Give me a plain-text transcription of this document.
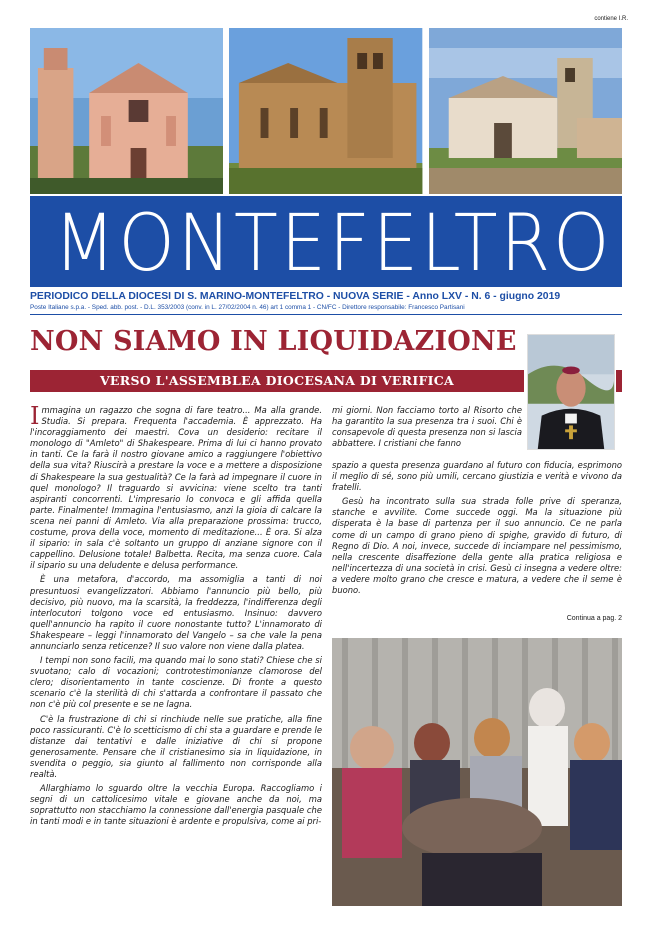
contiene I.R.
MONTEFELTRO
PERIODICO DELLA DIOCESI DI S. MARINO-MONTEFELTRO - NUOVA SERIE - Anno LXV - N. 6 - giugno 2019
Poste Italiane s.p.a. - Sped. abb. post. - D.L. 353/2003 (conv. in L. 27/02/2004 n. 46) art 1 comma 1 - CN/FC - Direttore responsabile: Francesco Partisani
NON SIAMO IN LIQUIDAZIONE
VERSO L'ASSEMBLEA DIOCESANA DI VERIFICA

Immagina un ragazzo che sogna di fare teatro... Ma alla grande. Studia. Si prepara. Frequenta l'accademia. È apprezzato. Ha l'incoraggiamento dei maestri. Cova un desiderio: recitare il monologo di "Amleto" di Shakespeare. Prima di lui ci hanno provato in tanti. Ce la farà il nostro giovane amico a raggiungere l'obiettivo della sua vita? Riuscirà a prestare la voce e a mettere a disposizione di Shakespeare la sua gestualità? Ce la farà ad impegnare il cuore in quel monologo? Il traguardo si avvicina: viene scelto tra tanti aspiranti concorrenti. L'impresario lo convoca e gli affida quella parte. Finalmente! Immagina l'entusiasmo, anzi la gioia di calcare la scena nei panni di Amleto. Via alla preparazione prossima: trucco, costume, prova della voce, momento di meditazione... È ora. Si alza il sipario: in sala c'è soltanto un gruppo di anziane signore con il cappellino. Delusione totale! Balbetta. Recita, ma senza cuore. Cala il sipario su una deludente e delusa performance.

È una metafora, d'accordo, ma assomiglia a tanti di noi presuntuosi evangelizzatori. Abbiamo l'annuncio più bello, più decisivo, più nuovo, ma la scarsità, la freddezza, l'indifferenza degli interlocutori tolgono voce ed entusiasmo. Insinuo: davvero quell'annuncio ha rapito il cuore nonostante tutto? L'innamorato di Shakespeare – leggi l'innamorato del Vangelo – sa che vale la pena annunciarlo senza reticenze? Il suo valore non viene dalla platea.

I tempi non sono facili, ma quando mai lo sono stati? Chiese che si svuotano; calo di vocazioni; controtestimonianze clamorose del clero; disorientamento in tante coscienze. Di fronte a questo scenario c'è la sterilità di chi s'attarda a confrontare il passato che non c'è più col presente e se ne lagna.

C'è la frustrazione di chi si rinchiude nelle sue pratiche, alla fine poco rassicuranti. C'è lo scetticismo di chi sta a guardare e prende le distanze dai tentativi e dalle iniziative di chi si propone generosamente. Pensare che il cristianesimo sia in liquidazione, in svendita o peggio, sia giunto al fallimento non corrisponde alla realtà.

Allarghiamo lo sguardo oltre la vecchia Europa. Raccogliamo i segni di un cattolicesimo vitale e giovane anche da noi, ma soprattutto non stacchiamo la connessione dall'energia pasquale che in tanti modi e in tante situazioni è ardente e propulsiva, come ai pri-

mi giorni. Non facciamo torto al Risorto che ha garantito la sua presenza tra i suoi. Chi è consapevole di questa presenza non si lascia abbattere. I cristiani che fanno

spazio a questa presenza guardano al futuro con fiducia, esprimono il meglio di sé, sono più umili, cercano giustizia e verità e vivono da fratelli.

Gesù ha incontrato sulla sua strada folle prive di speranza, stanche e avvilite. Come succede oggi. Ma la situazione più disperata è la base di partenza per il suo annuncio. Ce ne parla come di un campo di grano pieno di spighe, gravido di futuro, di Regno di Dio. A noi, invece, succede di inciampare nel pessimismo, nella crescente disaffezione della gente alla pratica religiosa e nell'incertezza di una società in crisi. Gesù ci insegna a vedere oltre: a vedere molto grano che cresce e matura, a vedere che il seme è buono.

Continua a pag. 2
